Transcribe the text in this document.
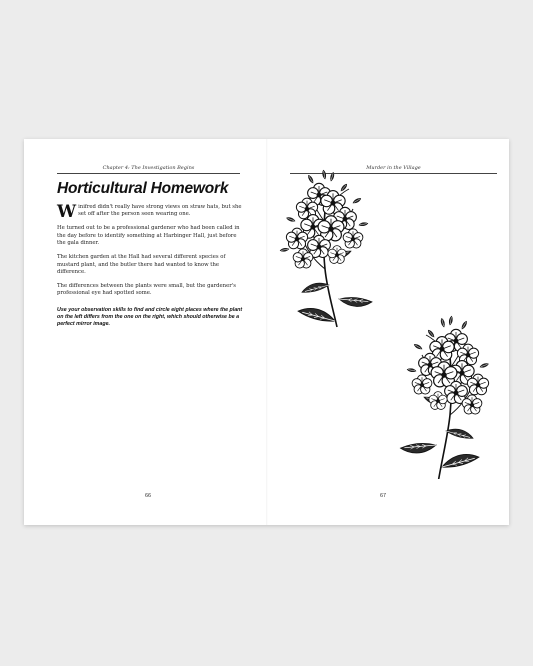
Chapter 4: The Investigation Begins
Horticultural Homework

Winifred didn't really have strong views on straw hats, but she set off after the person seen wearing one.

He turned out to be a professional gardener who had been called in the day before to identify something at Harbinger Hall, just before the gala dinner.

The kitchen garden at the Hall had several different species of mustard plant, and the butler there had wanted to know the difference.

The differences between the plants were small, but the gardener's professional eye had spotted some.

Use your observation skills to find and circle eight places where the plant on the left differs from the one on the right, which should otherwise be a perfect mirror image.

66
Murder in the Village
67
